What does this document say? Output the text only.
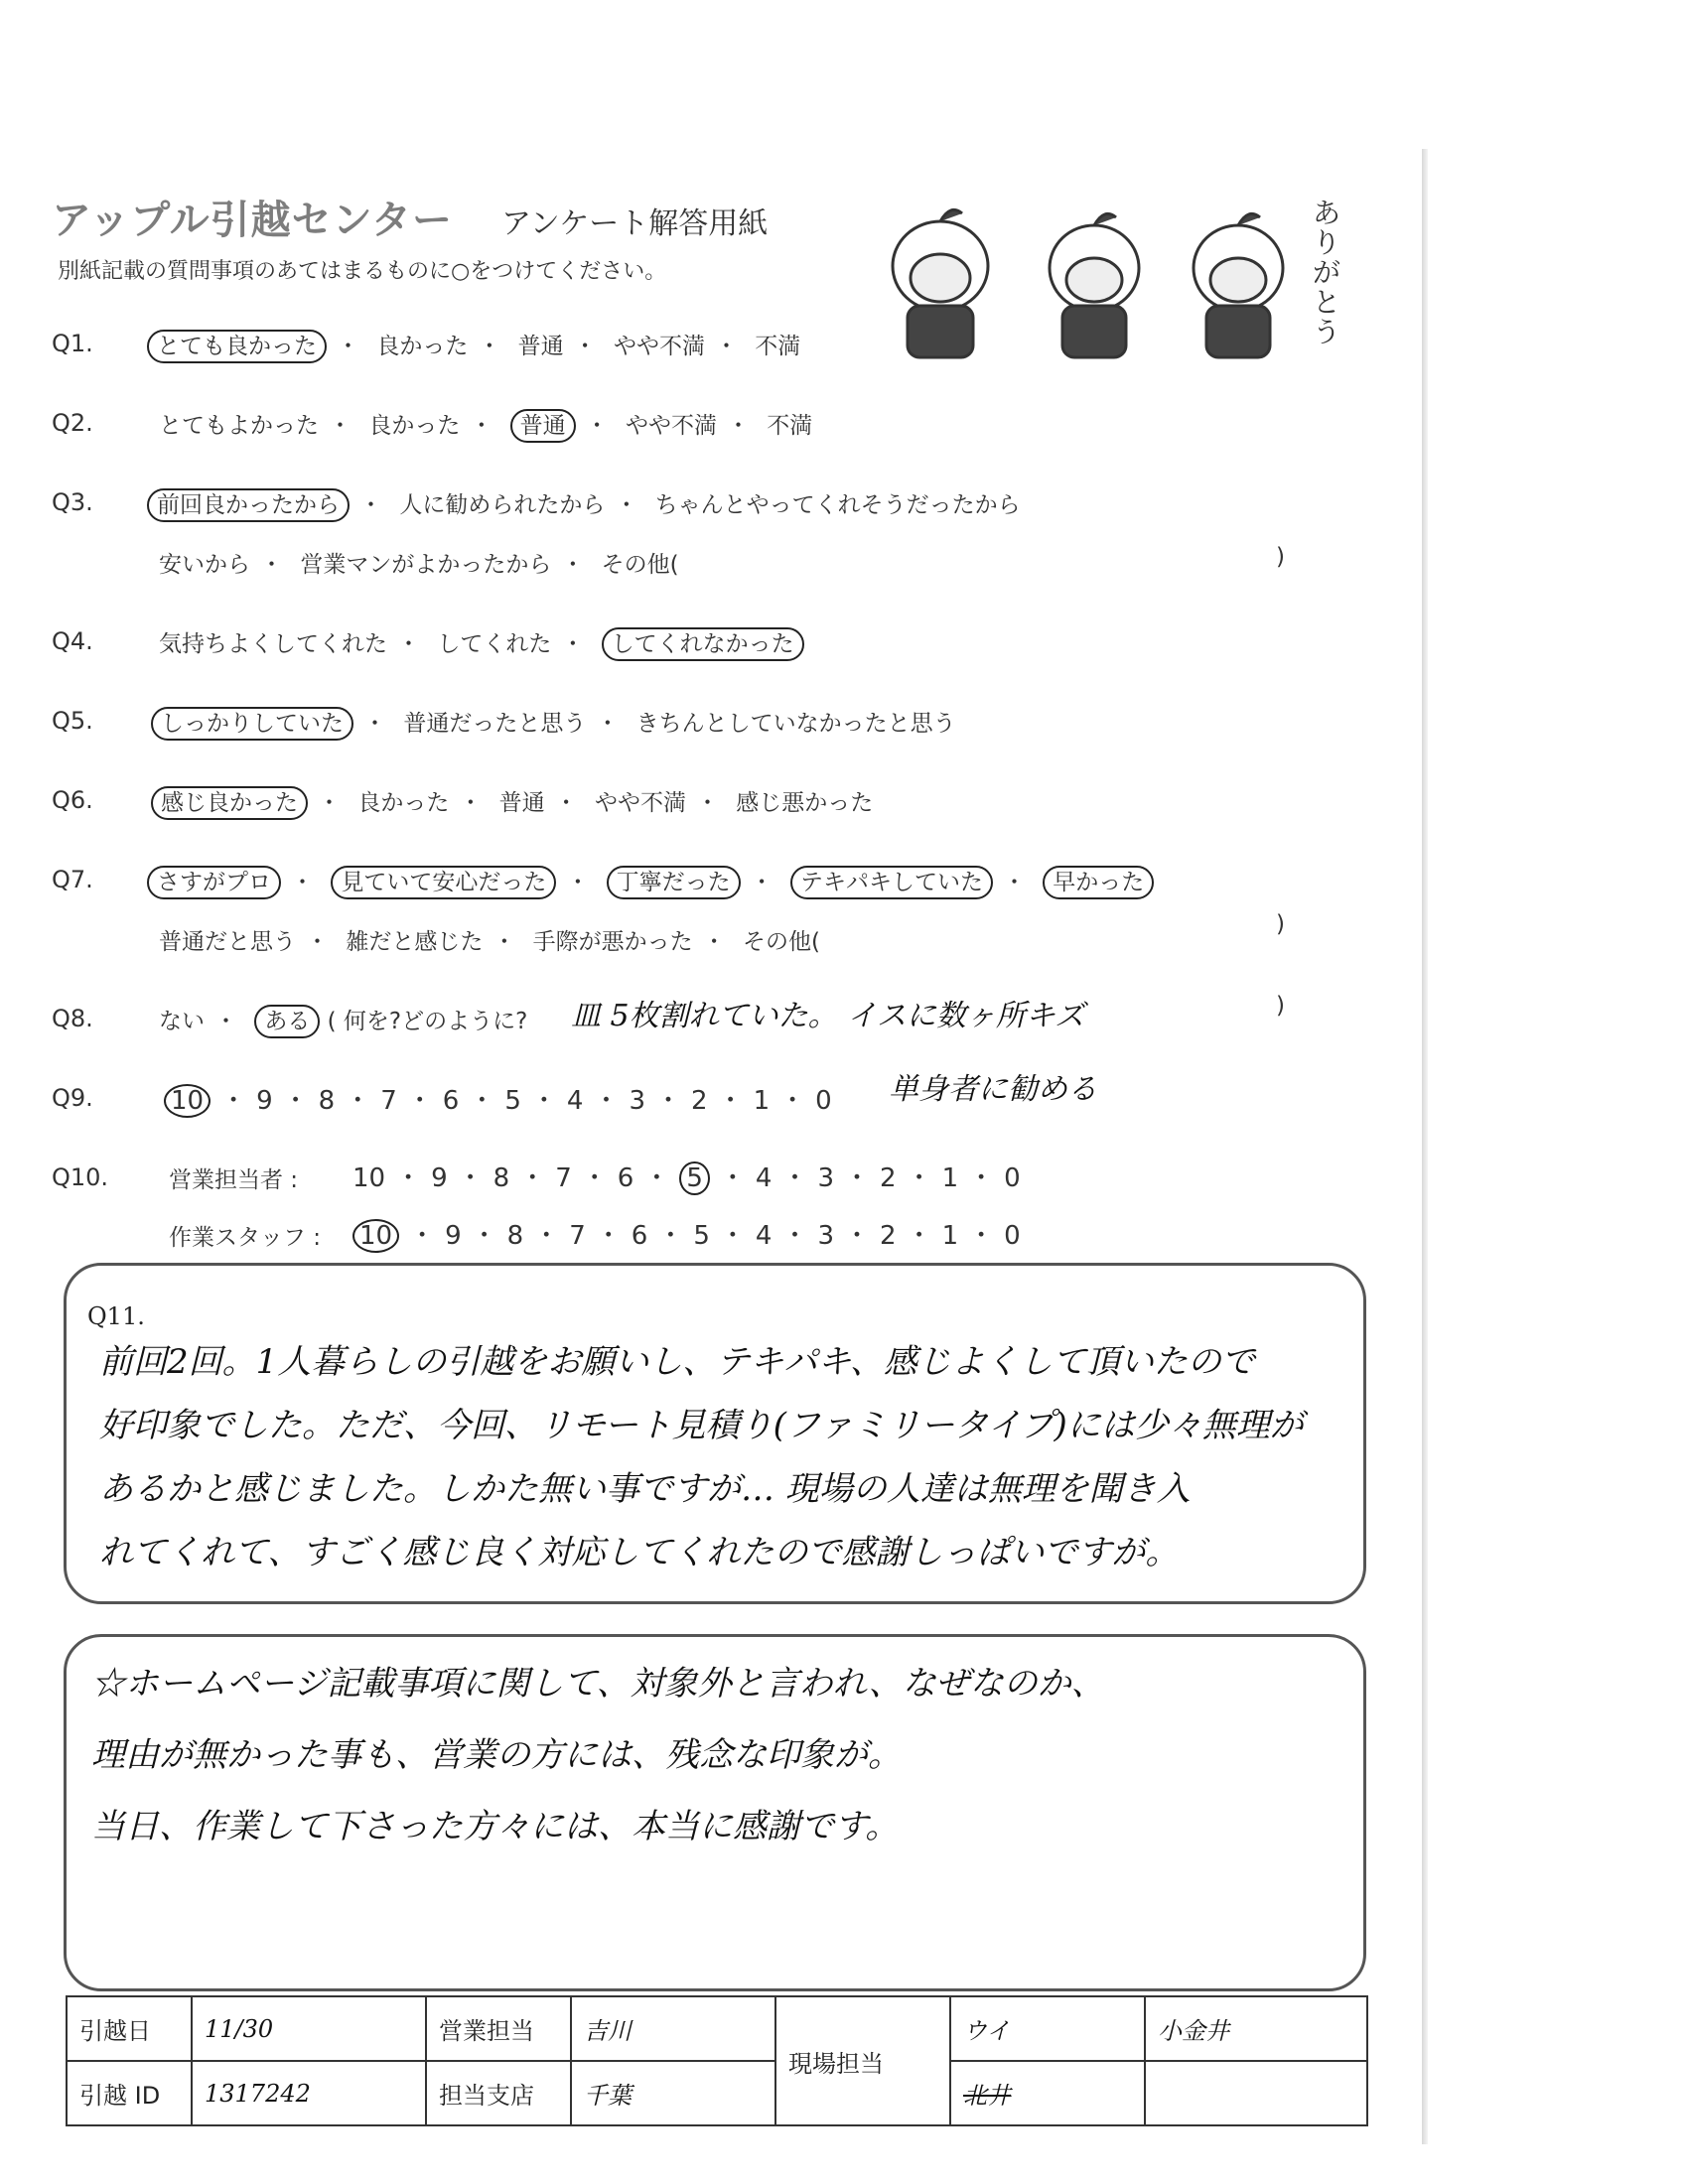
アップル引越センター アンケート解答用紙
別紙記載の質問事項のあてはまるものに○をつけてください。
ありがとう
Q1.	とても良かった ・ 良かった ・ 普通 ・ やや不満 ・ 不満
Q2.	とてもよかった ・ 良かった ・ 普通 ・ やや不満 ・ 不満
Q3.	前回良かったから ・ 人に勧められたから ・ ちゃんとやってくれそうだったから
安いから ・ 営業マンがよかったから ・ その他(	)
Q4.	気持ちよくしてくれた ・ してくれた ・ してくれなかった
Q5.	しっかりしていた ・ 普通だったと思う ・ きちんとしていなかったと思う
Q6.	感じ良かった ・ 良かった ・ 普通 ・ やや不満 ・ 感じ悪かった
Q7.	さすがプロ ・ 見ていて安心だった ・ 丁寧だった ・ テキパキしていた ・ 早かった
普通だと思う ・ 雑だと感じた ・ 手際が悪かった ・ その他(
)
Q8.	ない ・ ある ( 何を?どのように? 皿 5枚割れていた。 イスに数ヶ所キズ	)
Q9.	10 ・ 9 ・ 8 ・ 7 ・ 6 ・ 5 ・ 4 ・ 3 ・ 2 ・ 1 ・ 0 単身者に勧める
Q10.	営業担当者 : 10 ・ 9 ・ 8 ・ 7 ・ 6 ・ 5 ・ 4 ・ 3 ・ 2 ・ 1 ・ 0
作業スタッフ : 10 ・ 9 ・ 8 ・ 7 ・ 6 ・ 5 ・ 4 ・ 3 ・ 2 ・ 1 ・ 0
Q11.
前回2回。1人暮らしの引越をお願いし、テキパキ、感じよくして頂いたので
好印象でした。ただ、今回、リモート見積り(ファミリータイプ)には少々無理が
あるかと感じました。しかた無い事ですが… 現場の人達は無理を聞き入
れてくれて、すごく感じ良く対応してくれたので感謝しっぱいですが。
☆ホームページ記載事項に関して、対象外と言われ、なぜなのか、
理由が無かった事も、営業の方には、残念な印象が。
当日、作業して下さった方々には、本当に感謝です。
引越日	11/30	営業担当	吉川	現場担当	ウイ	小金井
引越 ID	1317242	担当支店	千葉		北井	
